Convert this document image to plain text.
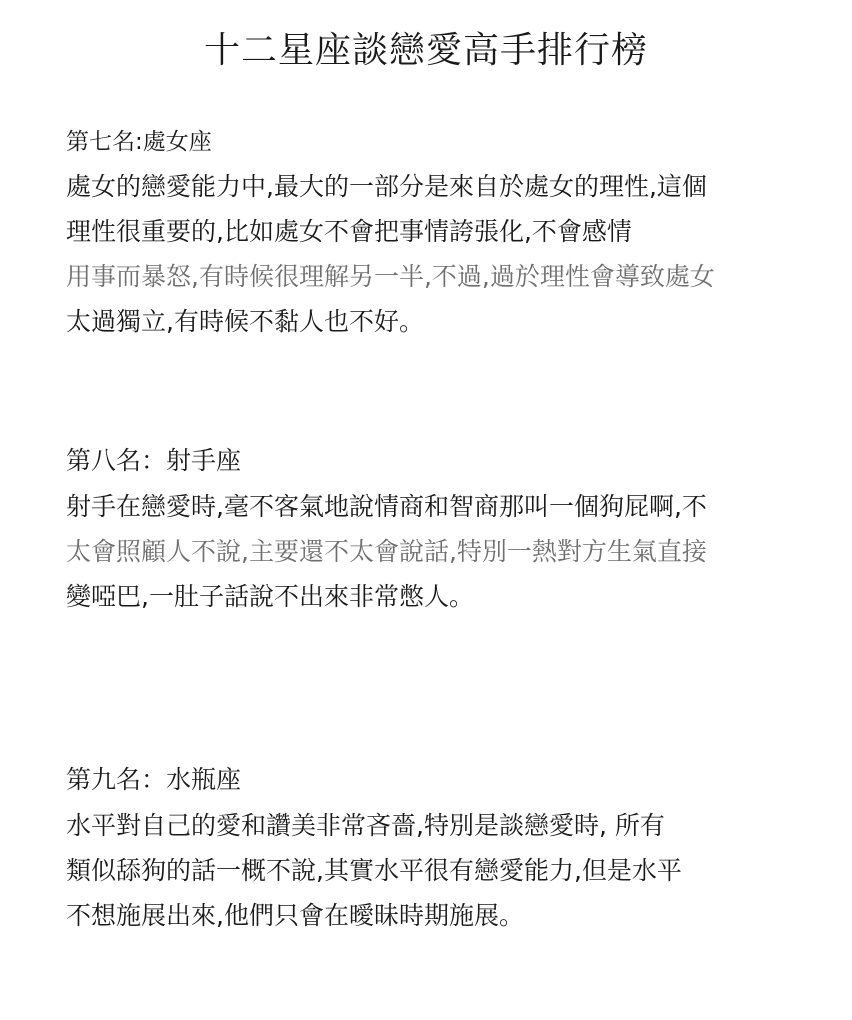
十二星座談戀愛高手排行榜

第七名:處女座

處女的戀愛能力中,最大的一部分是來自於處女的理性,這個

理性很重要的,比如處女不會把事情誇張化,不會感情

用事而暴怒,有時候很理解另一半,不過,過於理性會導致處女

太過獨立,有時候不黏人也不好。

第八名：射手座

射手在戀愛時,毫不客氣地說情商和智商那叫一個狗屁啊,不

太會照顧人不說,主要還不太會說話,特別一熱對方生氣直接

變啞巴,一肚子話說不出來非常憋人。

第九名：水瓶座

水平對自己的愛和讚美非常吝嗇,特別是談戀愛時, 所有

類似舔狗的話一概不說,其實水平很有戀愛能力,但是水平

不想施展出來,他們只會在曖昧時期施展。
